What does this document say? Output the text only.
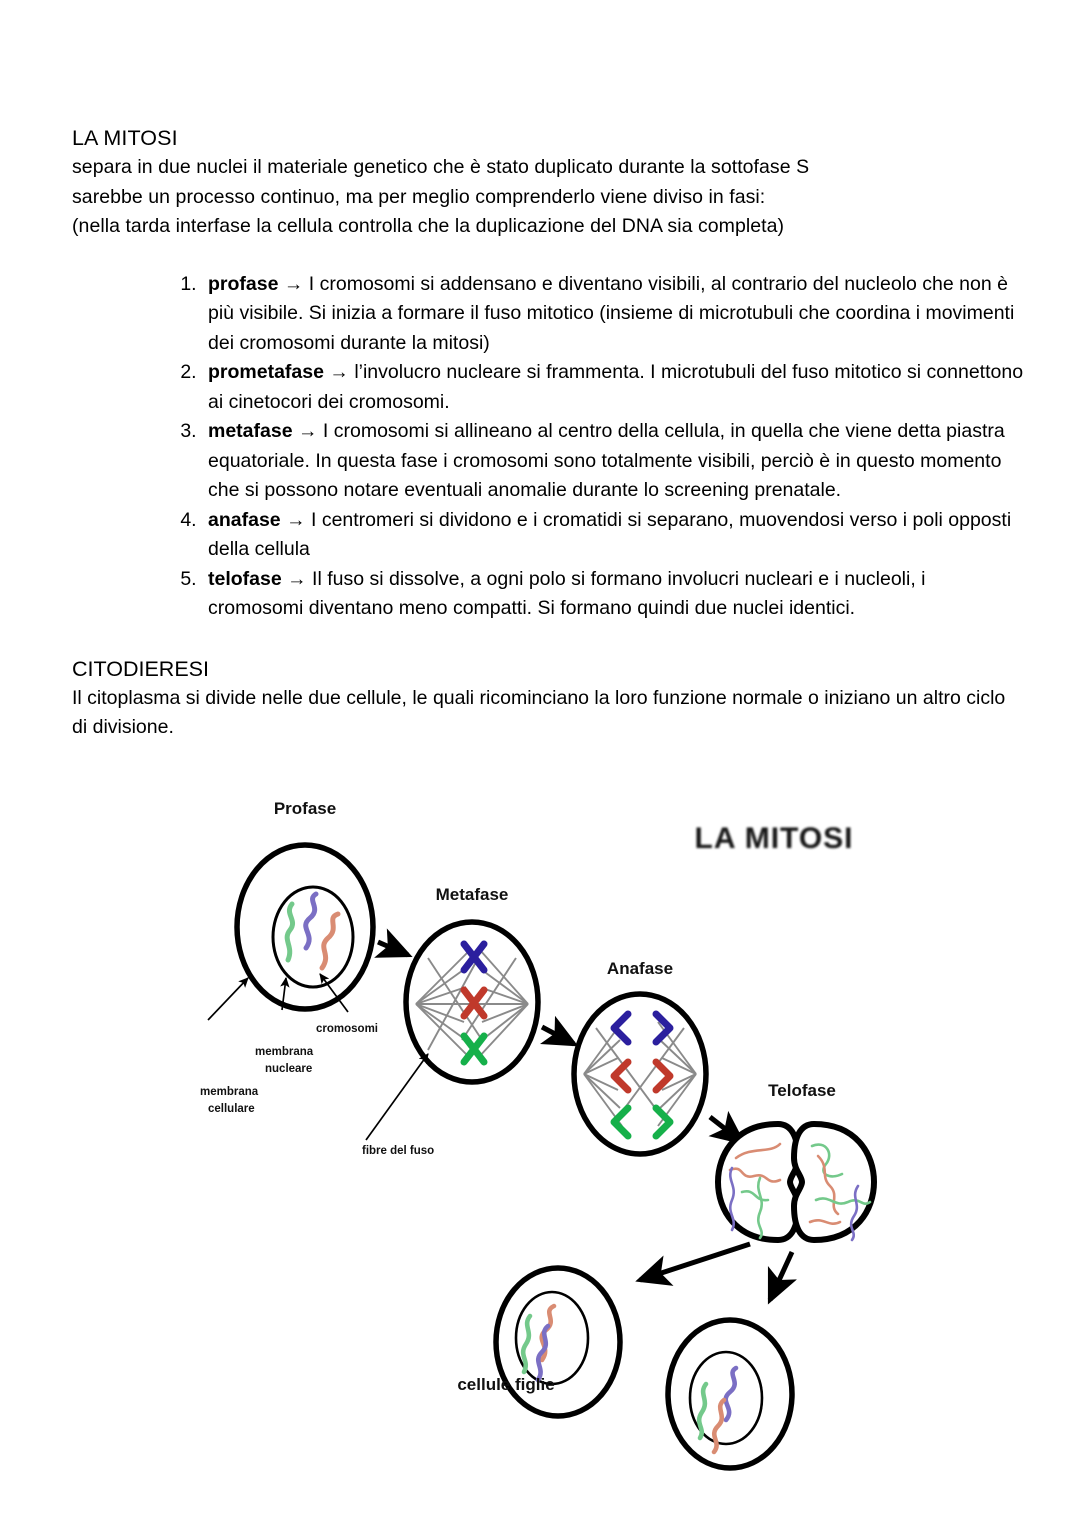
LA MITOSI

separa in due nuclei il materiale genetico che è stato duplicato durante la sottofase S

sarebbe un processo continuo, ma per meglio comprenderlo viene diviso in fasi:

(nella tarda interfase la cellula controlla che la duplicazione del DNA sia completa)

1. profase → I cromosomi si addensano e diventano visibili, al contrario del nucleolo che non è più visibile. Si inizia a formare il fuso mitotico (insieme di microtubuli che coordina i movimenti dei cromosomi durante la mitosi)
2. prometafase → l’involucro nucleare si frammenta. I microtubuli del fuso mitotico si connettono ai cinetocori dei cromosomi.
3. metafase → I cromosomi si allineano al centro della cellula, in quella che viene detta piastra equatoriale. In questa fase i cromosomi sono totalmente visibili, perciò è in questo momento che si possono notare eventuali anomalie durante lo screening prenatale.
4. anafase → I centromeri si dividono e i cromatidi si separano, muovendosi verso i poli opposti della cellula
5. telofase → Il fuso si dissolve, a ogni polo si formano involucri nucleari e i nucleoli, i cromosomi diventano meno compatti. Si formano quindi due nuclei identici.
CITODIERESI

Il citoplasma si divide nelle due cellule, le quali ricominciano la loro funzione normale o iniziano un altro ciclo di divisione.

LA MITOSI
Profase
cromosomi
membrana
nucleare
membrana
cellulare
Metafase
fibre del fuso
Anafase
Telofase
cellule figlie
